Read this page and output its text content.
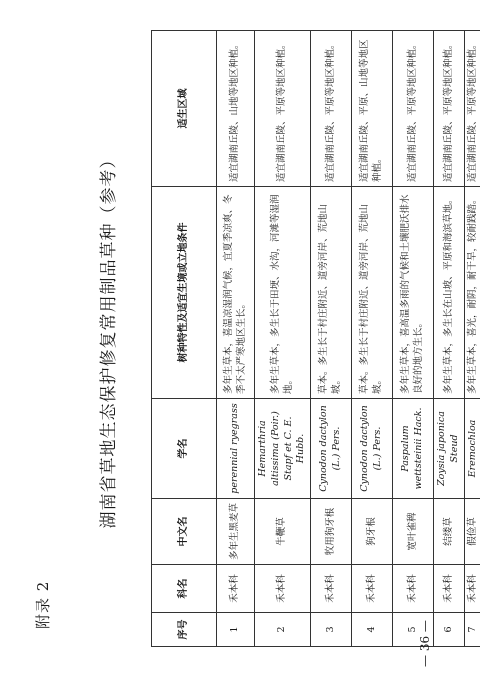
附录 2
湖南省草地生态保护修复常用制品草种（参考）
序号	科名	中文名	学名	树种特性及适宜生境或立地条件	适生区域
1	禾本科	多年生黑麦草	perennial ryegrass	多年生草本，喜温凉湿润气候，宜夏季凉爽、冬季不太严寒地区生长。	适宜湖南丘陵、山地等地区种植。
2	禾本科	牛鞭草	Hemarthria altissima (Poir.) Stapf et C. E. Hubb.	多年生草本，多生长于田埂、水沟，河滩等湿润地。	适宜湖南丘陵、平原等地区种植。
3	禾本科	牧用狗牙根	Cynodon dactylon (L.) Pers.	草本。多生长于村庄附近、道旁河岸、荒地山坡。	适宜湖南丘陵、平原等地区种植。
4	禾本科	狗牙根	Cynodon dactylon (L.) Pers.	草本。多生长于村庄附近、道旁河岸、荒地山坡。	适宜湖南丘陵、平原、山地等地区种植。
5	禾本科	宽叶雀稗	Paspalum wettsteinii Hack.	多年生草本，喜高温多雨的气候和土壤肥沃排水良好的地方生长。	适宜湖南丘陵、平原等地区种植。
6	禾本科	结缕草	Zoysia japonica Steud	多年生草本，多生长在山坡、平原和海滨草地。	适宜湖南丘陵、平原等地区种植。
7	禾本科	假俭草	Eremochloa	多年生草本，喜光，耐阴，耐干旱，较耐践踏。	适宜湖南丘陵、平原等地区种植。
— 36 —
